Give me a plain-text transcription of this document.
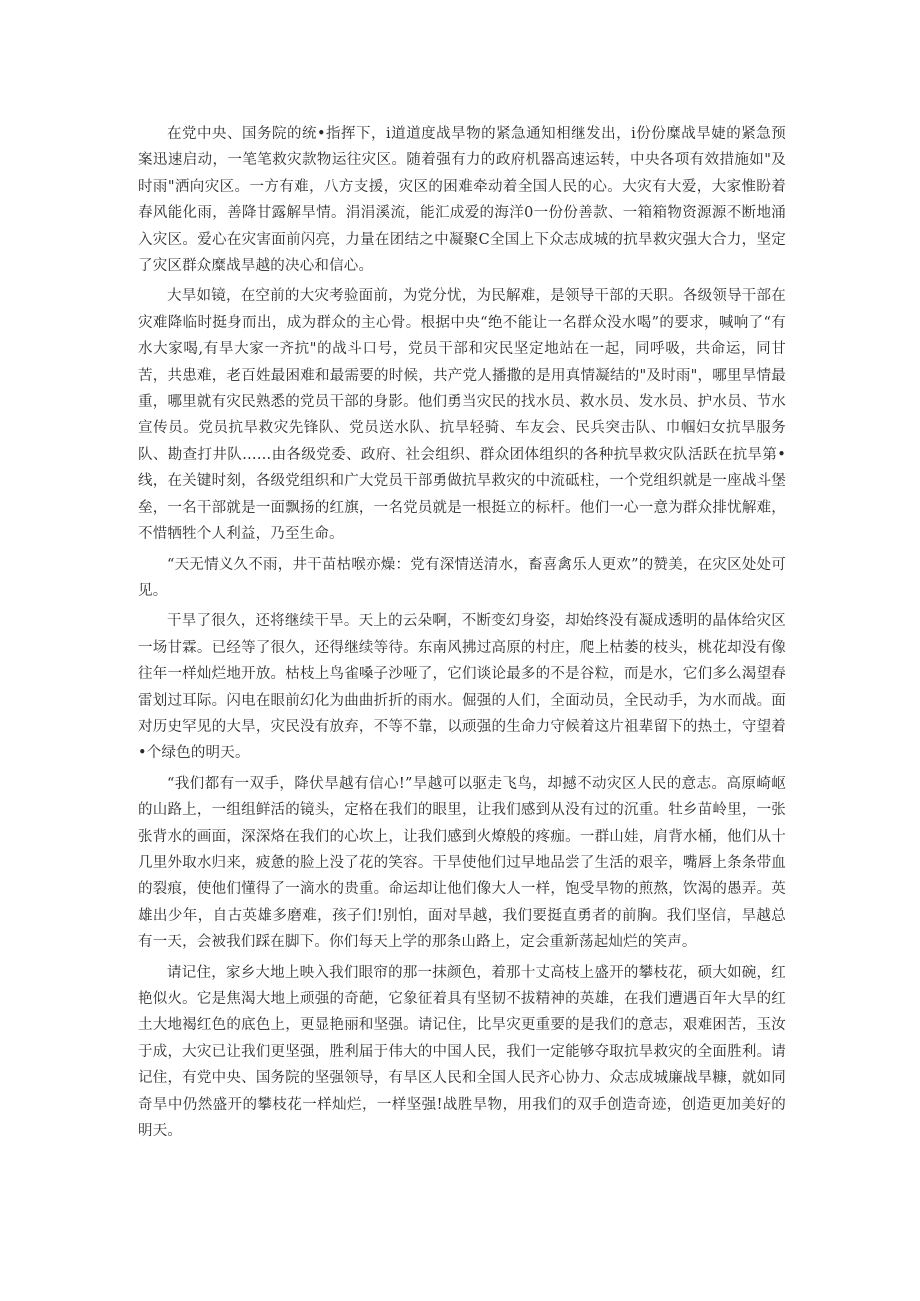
在党中央、国务院的统•指挥下，i道道度战旱物的紧急通知相继发出，i份份糜战旱婕的紧急预案迅速启动，一笔笔救灾款物运往灾区。随着强有力的政府机器高速运转，中央各项有效措施如"及时雨"洒向灾区。一方有难，八方支援，灾区的困难牵动着全国人民的心。大灾有大爱，大家惟盼着春风能化雨，善降甘露解旱情。涓涓溪流，能汇成爱的海洋0一份份善款、一箱箱物资源源不断地涌入灾区。爱心在灾害面前闪亮，力量在团结之中凝聚C全国上下众志成城的抗旱救灾强大合力，坚定了灾区群众糜战旱越的决心和信心。

大旱如镜，在空前的大灾考验面前，为党分忧，为民解难，是领导干部的天职。各级领导干部在灾难降临时挺身而出，成为群众的主心骨。根据中央“绝不能让一名群众没水喝”的要求，喊响了“有水大家喝,有旱大家一齐抗"的战斗口号，党员干部和灾民坚定地站在一起，同呼吸，共命运，同甘苦，共患难，老百姓最困难和最需要的时候，共产党人播撒的是用真情凝结的"及时雨"，哪里旱情最重，哪里就有灾民熟悉的党员干部的身影。他们勇当灾民的找水员、救水员、发水员、护水员、节水宣传员。党员抗旱救灾先锋队、党员送水队、抗旱轻骑、车友会、民兵突击队、巾帼妇女抗旱服务队、勘查打井队……由各级党委、政府、社会组织、群众团体组织的各种抗旱救灾队活跃在抗旱第•线，在关键时刻，各级党组织和广大党员干部勇做抗旱救灾的中流砥柱，一个党组织就是一座战斗堡垒，一名干部就是一面飘扬的红旗，一名党员就是一根挺立的标杆。他们一心一意为群众排忧解难，不惜牺牲个人利益，乃至生命。

“天无情义久不雨，井干苗枯喉亦燥：党有深情送清水，畜喜禽乐人更欢”的赞美，在灾区处处可见。

干旱了很久，还将继续干旱。天上的云朵啊，不断变幻身姿，却始终没有凝成透明的晶体给灾区一场甘霖。已经等了很久，还得继续等待。东南风拂过高原的村庄，爬上枯萎的枝头，桃花却没有像往年一样灿烂地开放。枯枝上鸟雀嗓子沙哑了，它们谈论最多的不是谷粒，而是水，它们多么渴望春雷划过耳际。闪电在眼前幻化为曲曲折折的雨水。倔强的人们，全面动员，全民动手，为水而战。面对历史罕见的大旱，灾民没有放弃，不等不靠，以顽强的生命力守候着这片祖辈留下的热土，守望着•个绿色的明天。

“我们都有一双手，降伏旱越有信心!”旱越可以驱走飞鸟，却撼不动灾区人民的意志。高原崎岖的山路上，一组组鲜活的镜头，定格在我们的眼里，让我们感到从没有过的沉重。牡乡苗岭里，一张张背水的画面，深深烙在我们的心坎上，让我们感到火燎般的疼痂。一群山娃，肩背水桶，他们从十几里外取水归来，疲惫的脸上没了花的笑容。干旱使他们过早地品尝了生活的艰辛，嘴唇上条条带血的裂痕，使他们懂得了一滴水的贵重。命运却让他们像大人一样，饱受旱物的煎熬，饮渴的愚弄。英雄出少年，自古英雄多磨难，孩子们!别怕，面对旱越，我们要挺直勇者的前胸。我们坚信，旱越总有一天，会被我们踩在脚下。你们每天上学的那条山路上，定会重新荡起灿烂的笑声。

请记住，家乡大地上映入我们眼帘的那一抹颜色，着那十丈高枝上盛开的攀枝花，硕大如碗，红艳似火。它是焦渴大地上顽强的奇葩，它象征着具有坚韧不拔精神的英雄，在我们遭遇百年大旱的红土大地褐红色的底色上，更显艳丽和坚强。请记住，比旱灾更重要的是我们的意志，艰难困苦，玉汝于成，大灾已让我们更坚强，胜利届于伟大的中国人民，我们一定能够夺取抗旱救灾的全面胜利。请记住，有党中央、国务院的坚强领导，有旱区人民和全国人民齐心协力、众志成城廉战旱糠，就如同奇旱中仍然盛开的攀枝花一样灿烂，一样坚强!战胜旱物，用我们的双手创造奇迹，创造更加美好的明天。
